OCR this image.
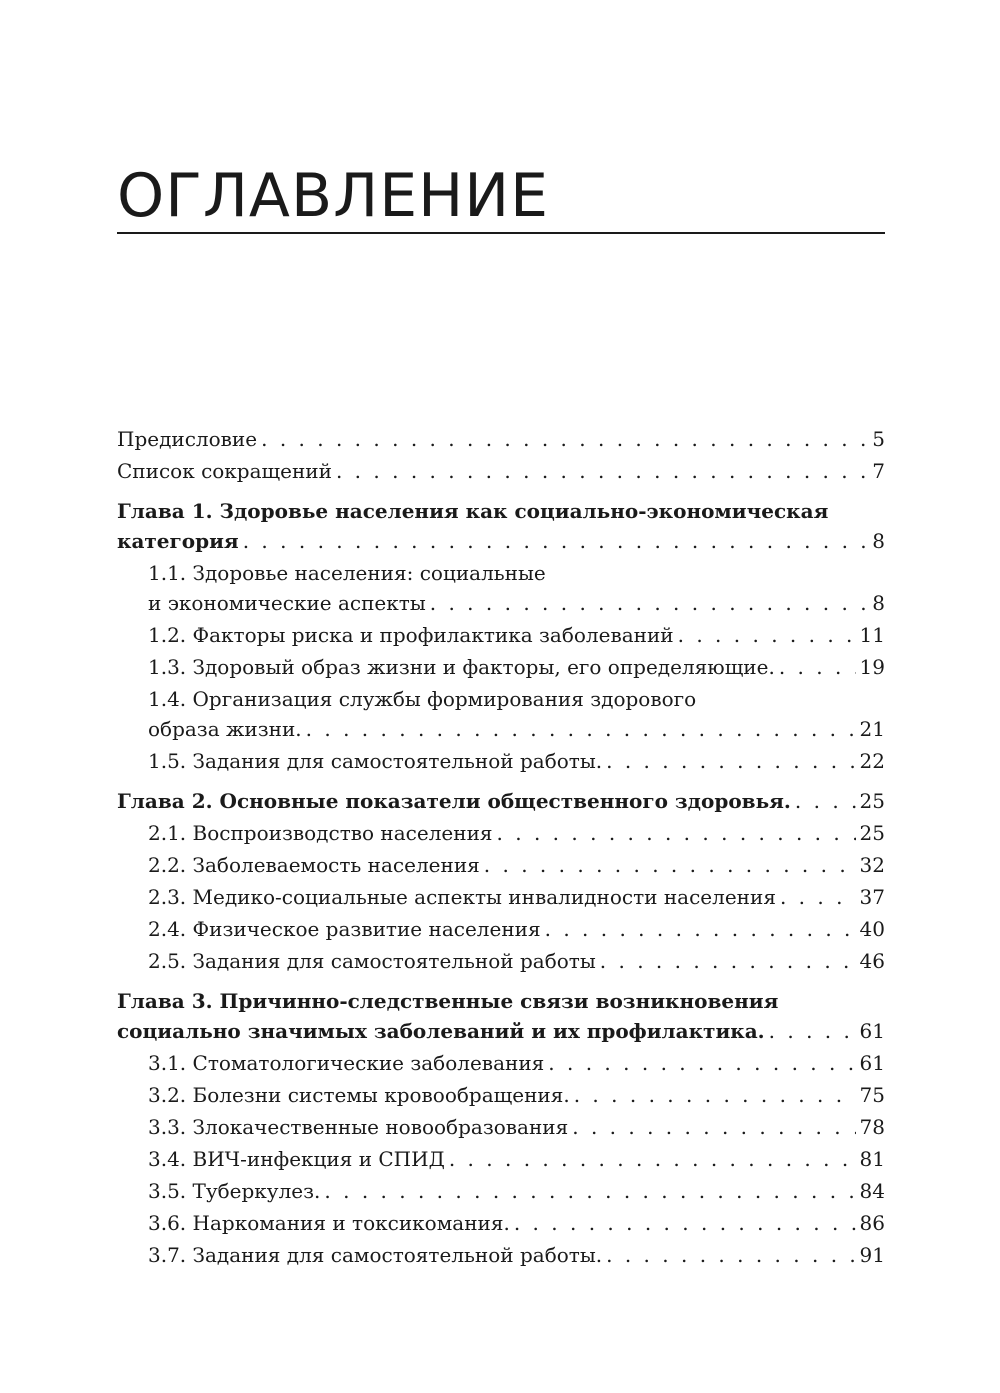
ОГЛАВЛЕНИЕ
Предисловие . . .	5
Список сокращений . . .	7
Глава 1. Здоровье населения как социально-экономическая
категория . . .	8
1.1. Здоровье населения: социальные
и экономические аспекты . . .	8
1.2. Факторы риска и профилактика заболеваний . . .	11
1.3. Здоровый образ жизни и факторы, его определяющие. . . .	19
1.4. Организация службы формирования здорового
образа жизни. . . .	21
1.5. Задания для самостоятельной работы. . . .	22
Глава 2. Основные показатели общественного здоровья. . . .	25
2.1. Воспроизводство населения . . .	25
2.2. Заболеваемость населения . . .	32
2.3. Медико-социальные аспекты инвалидности населения . . .	37
2.4. Физическое развитие населения . . .	40
2.5. Задания для самостоятельной работы . . .	46
Глава 3. Причинно-следственные связи возникновения
социально значимых заболеваний и их профилактика. . . .	61
3.1. Стоматологические заболевания . . .	61
3.2. Болезни системы кровообращения. . . .	75
3.3. Злокачественные новообразования . . .	78
3.4. ВИЧ-инфекция и СПИД . . .	81
3.5. Туберкулез. . . .	84
3.6. Наркомания и токсикомания. . . .	86
3.7. Задания для самостоятельной работы. . . .	91
